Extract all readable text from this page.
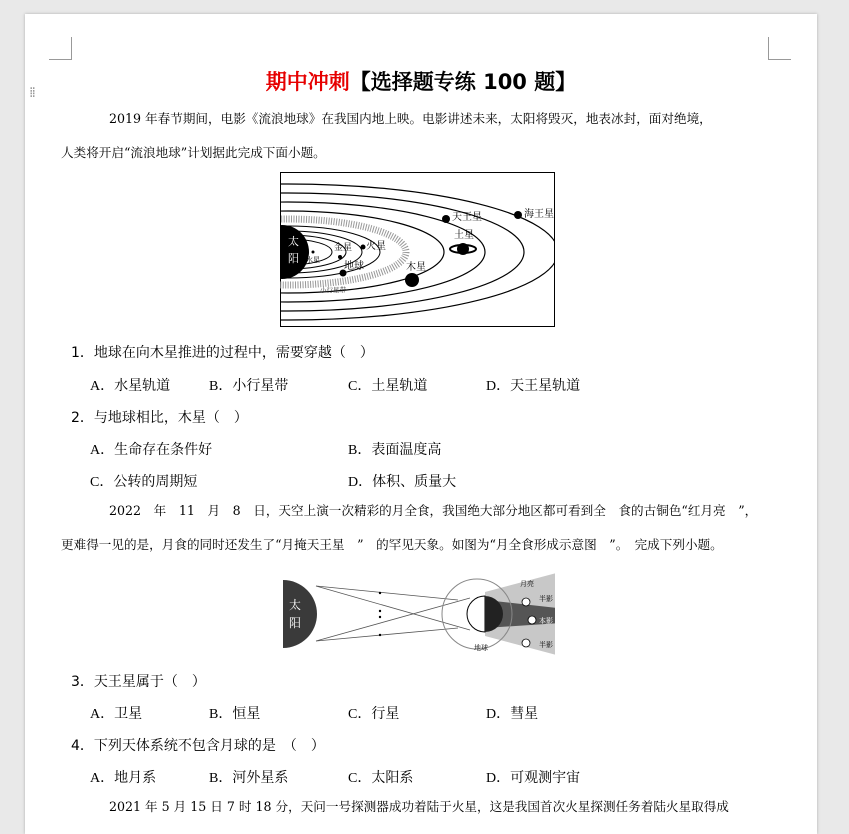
⁞⁞	期中冲刺【选择题专练 100 题】
2019 年春节期间，电影《流浪地球》在我国内地上映。电影讲述未来，太阳将毁灭，地表冰封，面对绝境，
人类将开启“流浪地球”计划据此完成下面小题。
太
阳 水星
金星 火星
地球
小行星带
木星
土星
天王星	海王星
1．地球在向木星推进的过程中，需要穿越（　）
A．水星轨道	B．小行星带	C．土星轨道	D．天王星轨道
2．与地球相比，木星（　）
A．生命存在条件好	B．表面温度高
C．公转的周期短	D．体积、质量大
2022　年　11　月　8　日，天空上演一次精彩的月全食，我国绝大部分地区都可看到全　食的古铜色“红月亮　”，
更难得一见的是，月食的同时还发生了“月掩天王星　”　的罕见天象。如图为“月全食形成示意图　”。　完成下列小题。
太
阳
地球
月亮
半影
本影
半影
3．天王星属于（　）
A．卫星	B．恒星	C．行星	D．彗星
4．下列天体系统不包含月球的是　（　）
A．地月系	B．河外星系	C．太阳系	D．可观测宇宙
2021 年 5 月 15 日 7 时 18 分，天问一号探测器成功着陆于火星，这是我国首次火星探测任务着陆火星取得成
